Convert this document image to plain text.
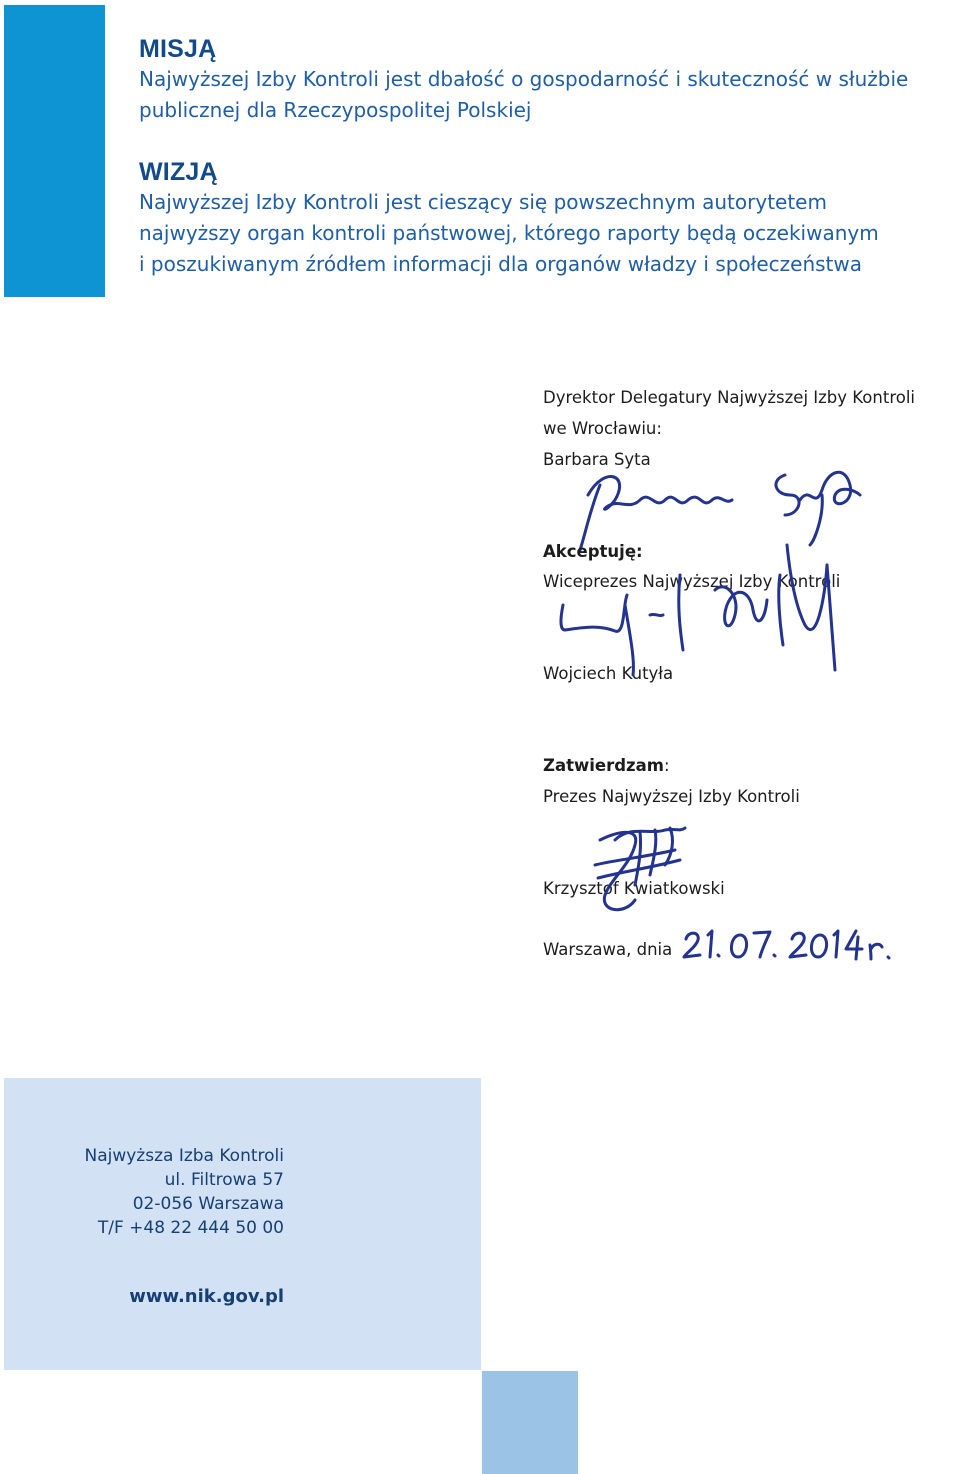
MISJĄ
Najwyższej Izby Kontroli jest dbałość o gospodarność i skuteczność w służbie
publicznej dla Rzeczypospolitej Polskiej
WIZJĄ
Najwyższej Izby Kontroli jest cieszący się powszechnym autorytetem
najwyższy organ kontroli państwowej, którego raporty będą oczekiwanym
i poszukiwanym źródłem informacji dla organów władzy i społeczeństwa
Dyrektor Delegatury Najwyższej Izby Kontroli
we Wrocławiu:
Barbara Syta
Akceptuję:
Wiceprezes Najwyższej Izby Kontroli
Wojciech Kutyła
Zatwierdzam:
Prezes Najwyższej Izby Kontroli
Krzysztof Kwiatkowski
Warszawa, dnia
Najwyższa Izba Kontroli
ul. Filtrowa 57
02-056 Warszawa
T/F +48 22 444 50 00
www.nik.gov.pl
